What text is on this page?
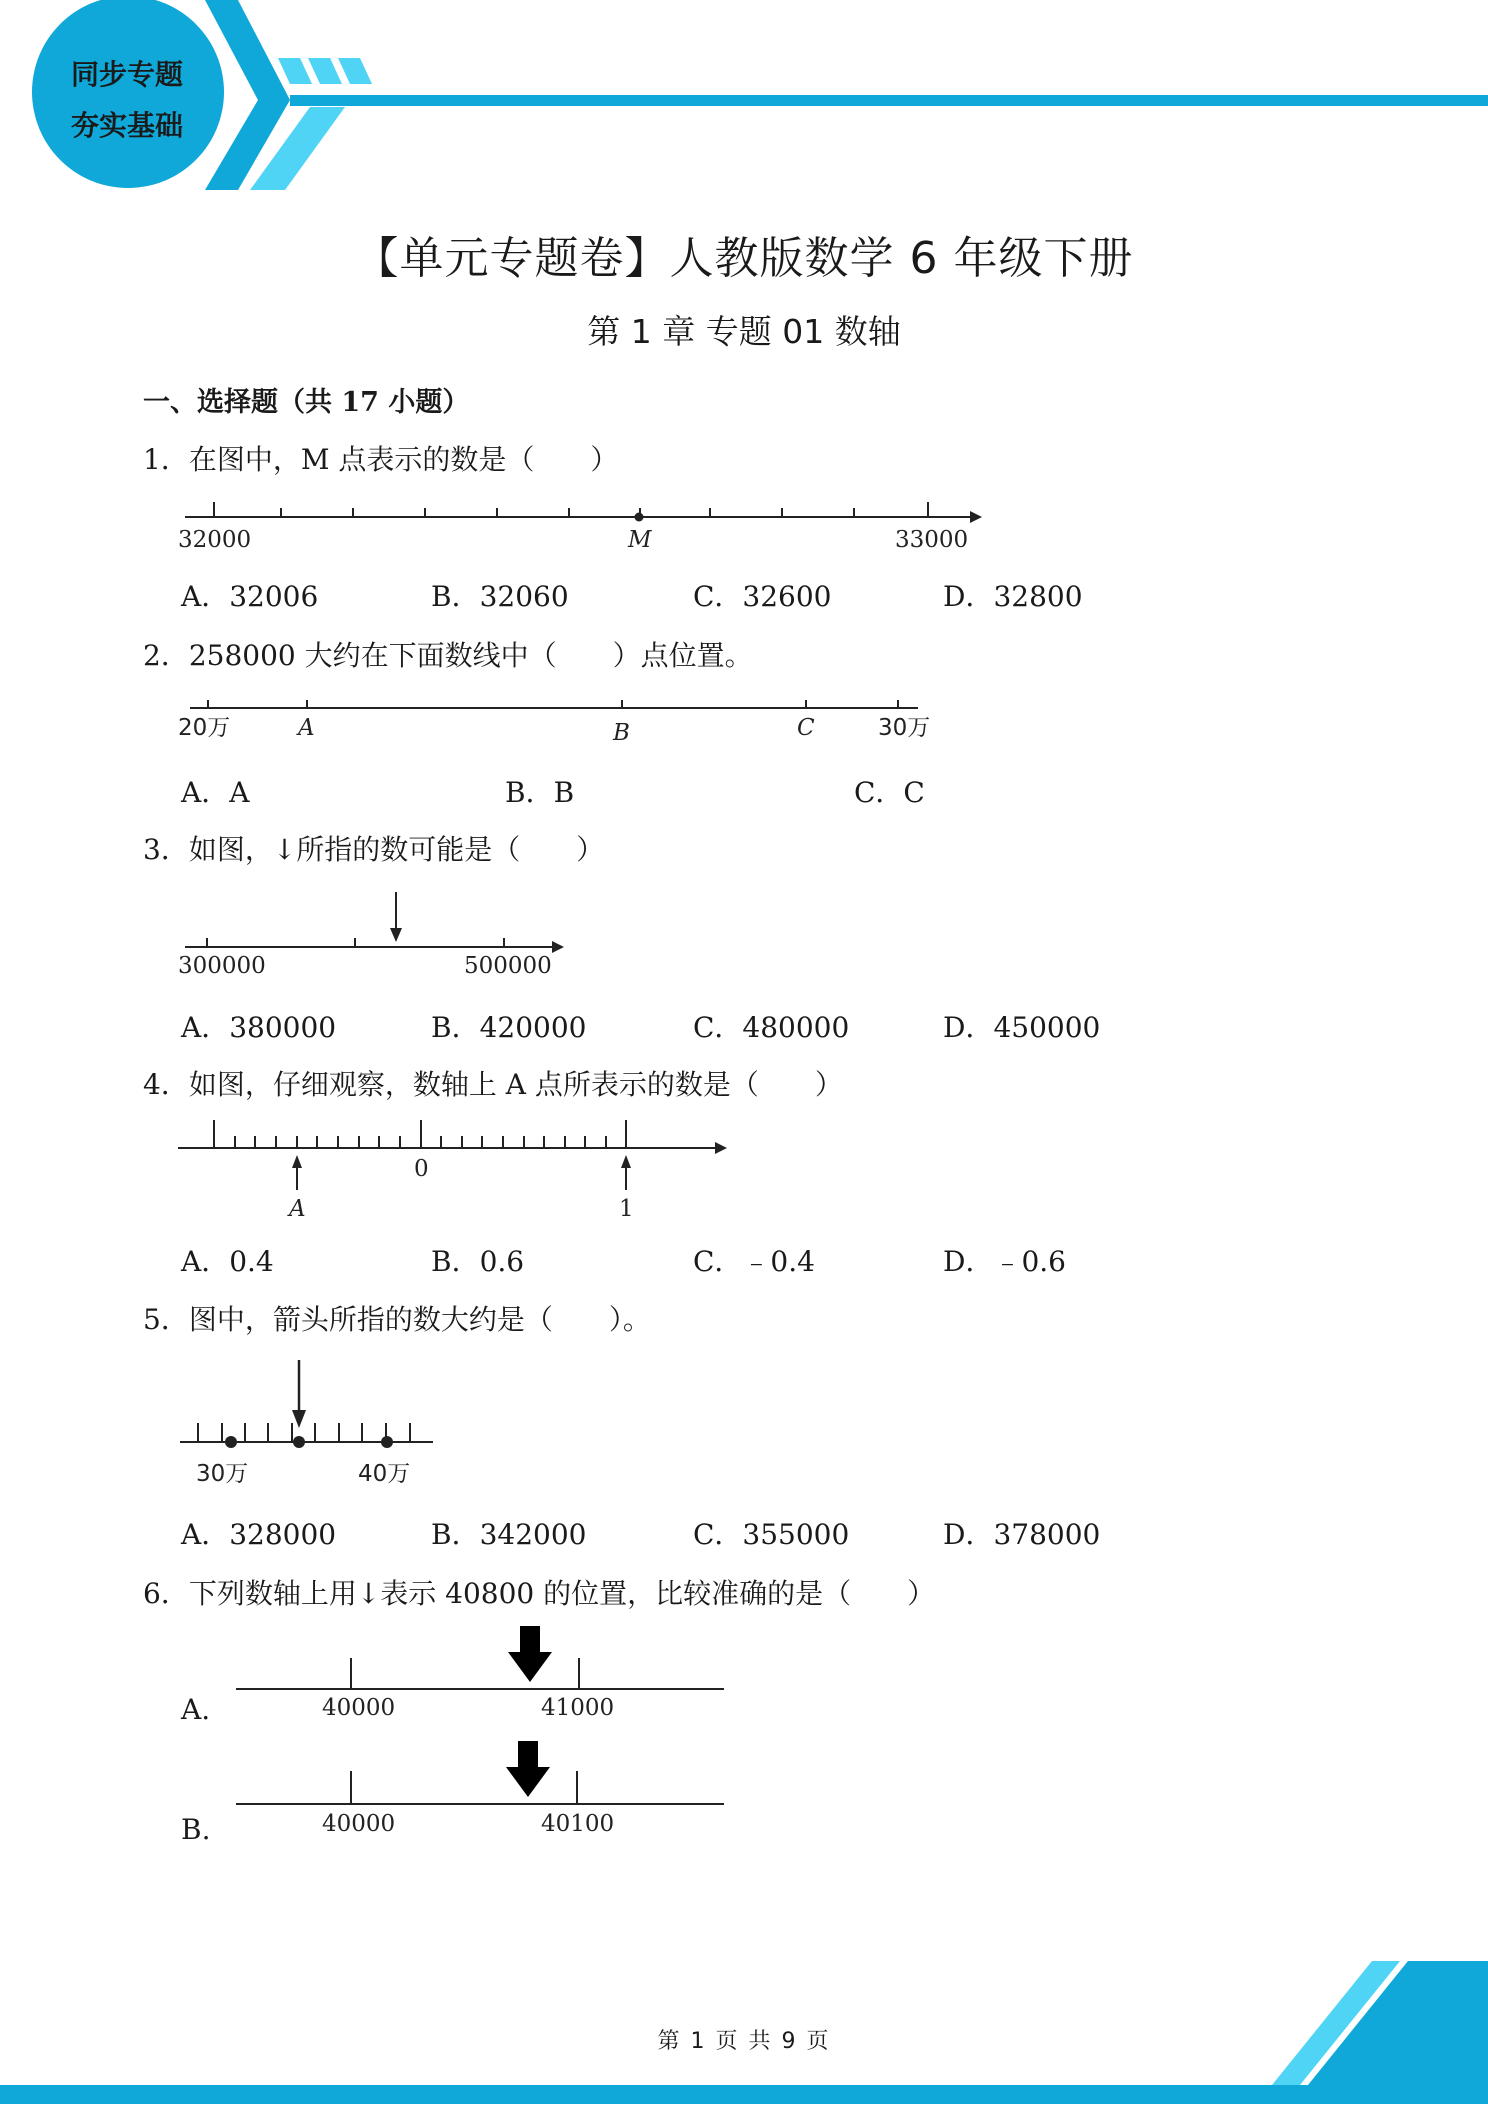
同步专题
夯实基础
【单元专题卷】人教版数学 6 年级下册
第 1 章 专题 01 数轴
一、选择题（共 17 小题）
1．在图中，M 点表示的数是（　　）
32000	M	33000
A．32006	B．32060	C．32600	D．32800
2．258000 大约在下面数线中（　　）点位置。
20万	A	B	C	30万
A．A	B．B	C．C
3．如图，↓所指的数可能是（　　）
300000	500000
A．380000	B．420000	C．480000	D．450000
4．如图，仔细观察，数轴上 A 点所表示的数是（　　）
0
A	1
A．0.4	B．0.6	C．﹣0.4	D．﹣0.6
5．图中，箭头所指的数大约是（　　）。
30万	40万
A．328000	B．342000	C．355000	D．378000
6．下列数轴上用↓表示 40800 的位置，比较准确的是（　　）
A.	40000	41000
B.	40000	40100
第 1 页 共 9 页
